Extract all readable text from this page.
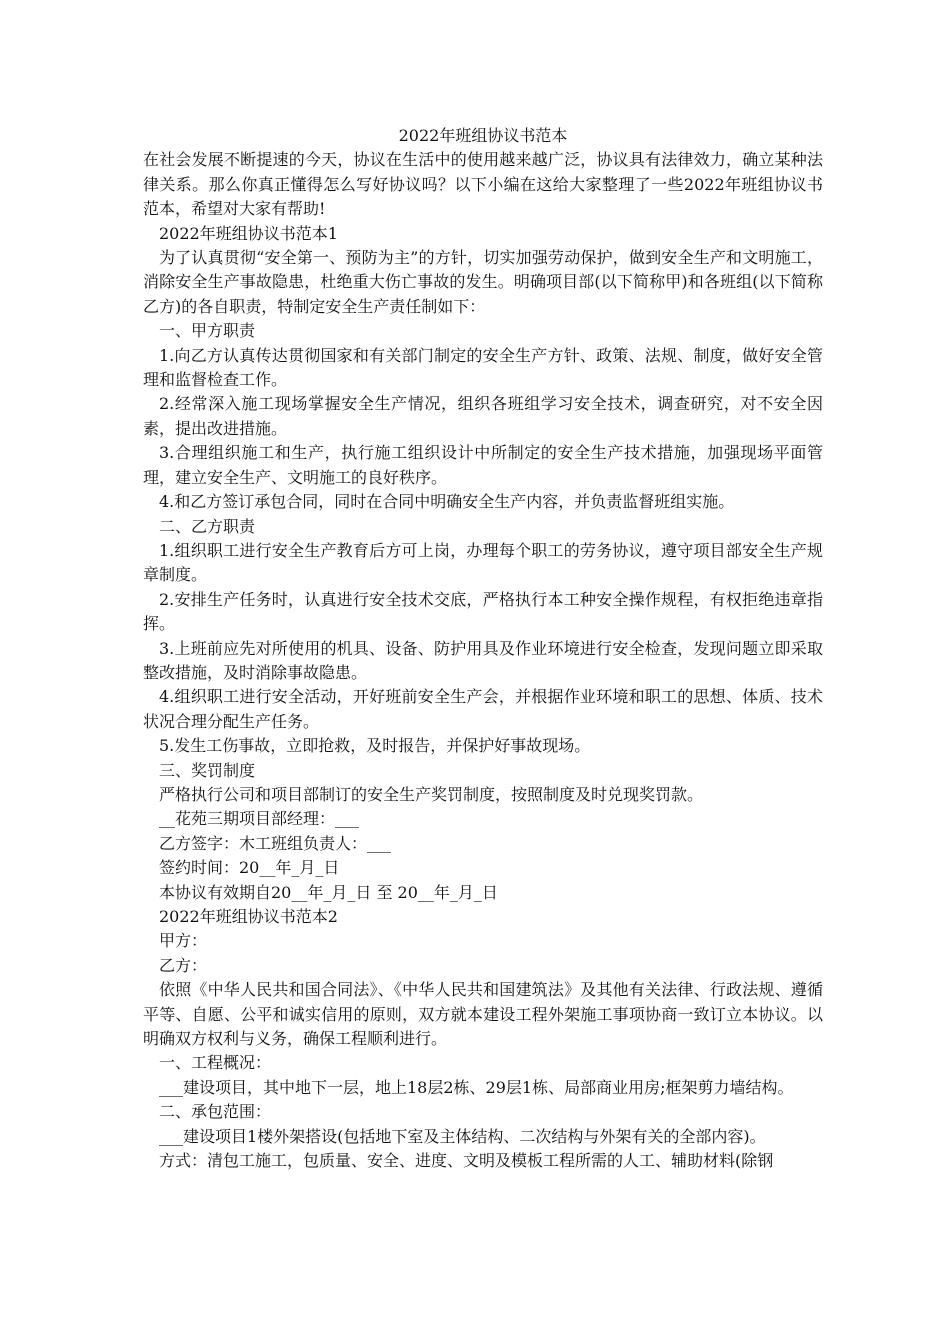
2022年班组协议书范本

在社会发展不断提速的今天，协议在生活中的使用越来越广泛，协议具有法律效力，确立某种法律关系。那么你真正懂得怎么写好协议吗？以下小编在这给大家整理了一些2022年班组协议书范本，希望对大家有帮助!

2022年班组协议书范本1

为了认真贯彻“安全第一、预防为主”的方针，切实加强劳动保护，做到安全生产和文明施工，消除安全生产事故隐患，杜绝重大伤亡事故的发生。明确项目部(以下简称甲)和各班组(以下简称乙方)的各自职责，特制定安全生产责任制如下：

一、甲方职责

1.向乙方认真传达贯彻国家和有关部门制定的安全生产方针、政策、法规、制度，做好安全管理和监督检查工作。

2.经常深入施工现场掌握安全生产情况，组织各班组学习安全技术，调查研究，对不安全因素，提出改进措施。

3.合理组织施工和生产，执行施工组织设计中所制定的安全生产技术措施，加强现场平面管理，建立安全生产、文明施工的良好秩序。

4.和乙方签订承包合同，同时在合同中明确安全生产内容，并负责监督班组实施。

二、乙方职责

1.组织职工进行安全生产教育后方可上岗，办理每个职工的劳务协议，遵守项目部安全生产规章制度。

2.安排生产任务时，认真进行安全技术交底，严格执行本工种安全操作规程，有权拒绝违章指挥。

3.上班前应先对所使用的机具、设备、防护用具及作业环境进行安全检查，发现问题立即采取整改措施，及时消除事故隐患。

4.组织职工进行安全活动，开好班前安全生产会，并根据作业环境和职工的思想、体质、技术状况合理分配生产任务。

5.发生工伤事故，立即抢救，及时报告，并保护好事故现场。

三、奖罚制度

严格执行公司和项目部制订的安全生产奖罚制度，按照制度及时兑现奖罚款。

__花苑三期项目部经理：___

乙方签字：木工班组负责人：___

签约时间：20__年_月_日

本协议有效期自20__年_月_日 至 20__年_月_日

2022年班组协议书范本2

甲方：

乙方：

依照《中华人民共和国合同法》、《中华人民共和国建筑法》及其他有关法律、行政法规、遵循平等、自愿、公平和诚实信用的原则，双方就本建设工程外架施工事项协商一致订立本协议。以明确双方权利与义务，确保工程顺利进行。

一、工程概况：

___建设项目，其中地下一层，地上18层2栋、29层1栋、局部商业用房;框架剪力墙结构。

二、承包范围：

___建设项目1楼外架搭设(包括地下室及主体结构、二次结构与外架有关的全部内容)。

方式：清包工施工，包质量、安全、进度、文明及模板工程所需的人工、辅助材料(除钢
